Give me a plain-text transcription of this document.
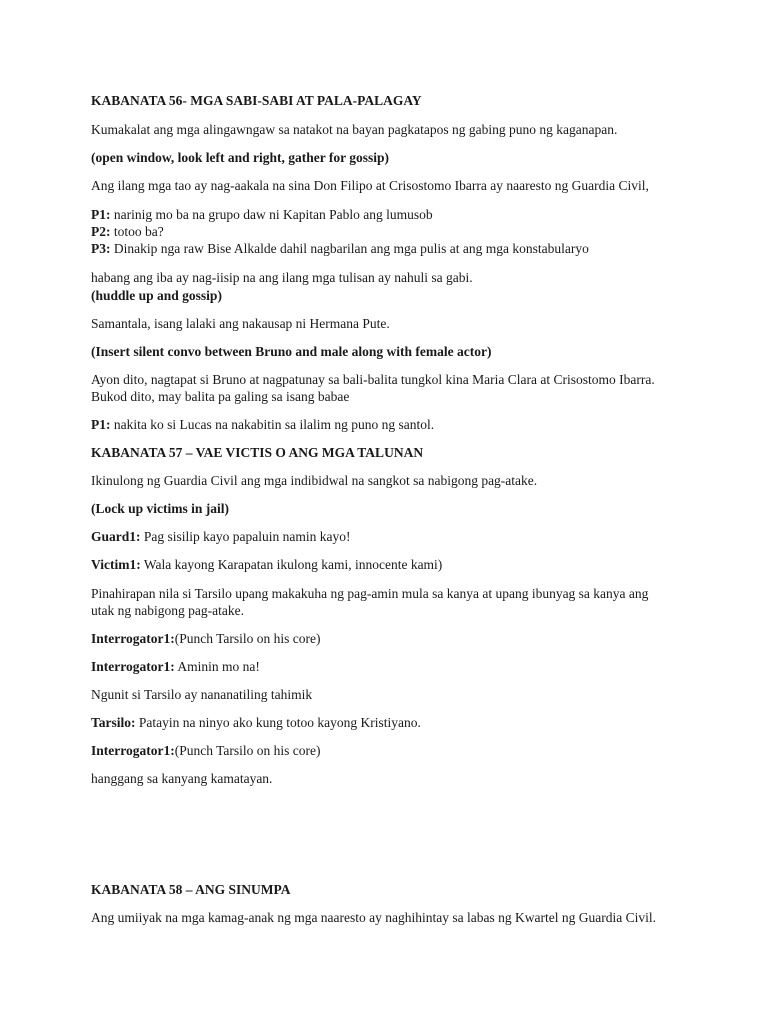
KABANATA 56- MGA SABI-SABI AT PALA-PALAGAY
Kumakalat ang mga alingawngaw sa natakot na bayan pagkatapos ng gabing puno ng kaganapan.
(open window, look left and right, gather for gossip)
Ang ilang mga tao ay nag-aakala na sina Don Filipo at Crisostomo Ibarra ay naaresto ng Guardia Civil,
P1: narinig mo ba na grupo daw ni Kapitan Pablo ang lumusob
P2: totoo ba?
P3: Dinakip nga raw Bise Alkalde dahil nagbarilan ang mga pulis at ang mga konstabularyo
habang ang iba ay nag-iisip na ang ilang mga tulisan ay nahuli sa gabi.
(huddle up and gossip)
Samantala, isang lalaki ang nakausap ni Hermana Pute.
(Insert silent convo between Bruno and male along with female actor)
Ayon dito, nagtapat si Bruno at nagpatunay sa bali-balita tungkol kina Maria Clara at Crisostomo Ibarra.
Bukod dito, may balita pa galing sa isang babae
P1: nakita ko si Lucas na nakabitin sa ilalim ng puno ng santol.
KABANATA 57 – VAE VICTIS O ANG MGA TALUNAN
Ikinulong ng Guardia Civil ang mga indibidwal na sangkot sa nabigong pag-atake.
(Lock up victims in jail)
Guard1: Pag sisilip kayo papaluin namin kayo!
Victim1: Wala kayong Karapatan ikulong kami, innocente kami)
Pinahirapan nila si Tarsilo upang makakuha ng pag-amin mula sa kanya at upang ibunyag sa kanya ang
utak ng nabigong pag-atake.
Interrogator1:(Punch Tarsilo on his core)
Interrogator1: Aminin mo na!
Ngunit si Tarsilo ay nananatiling tahimik
Tarsilo: Patayin na ninyo ako kung totoo kayong Kristiyano.
Interrogator1:(Punch Tarsilo on his core)
hanggang sa kanyang kamatayan.
KABANATA 58 – ANG SINUMPA
Ang umiiyak na mga kamag-anak ng mga naaresto ay naghihintay sa labas ng Kwartel ng Guardia Civil.
